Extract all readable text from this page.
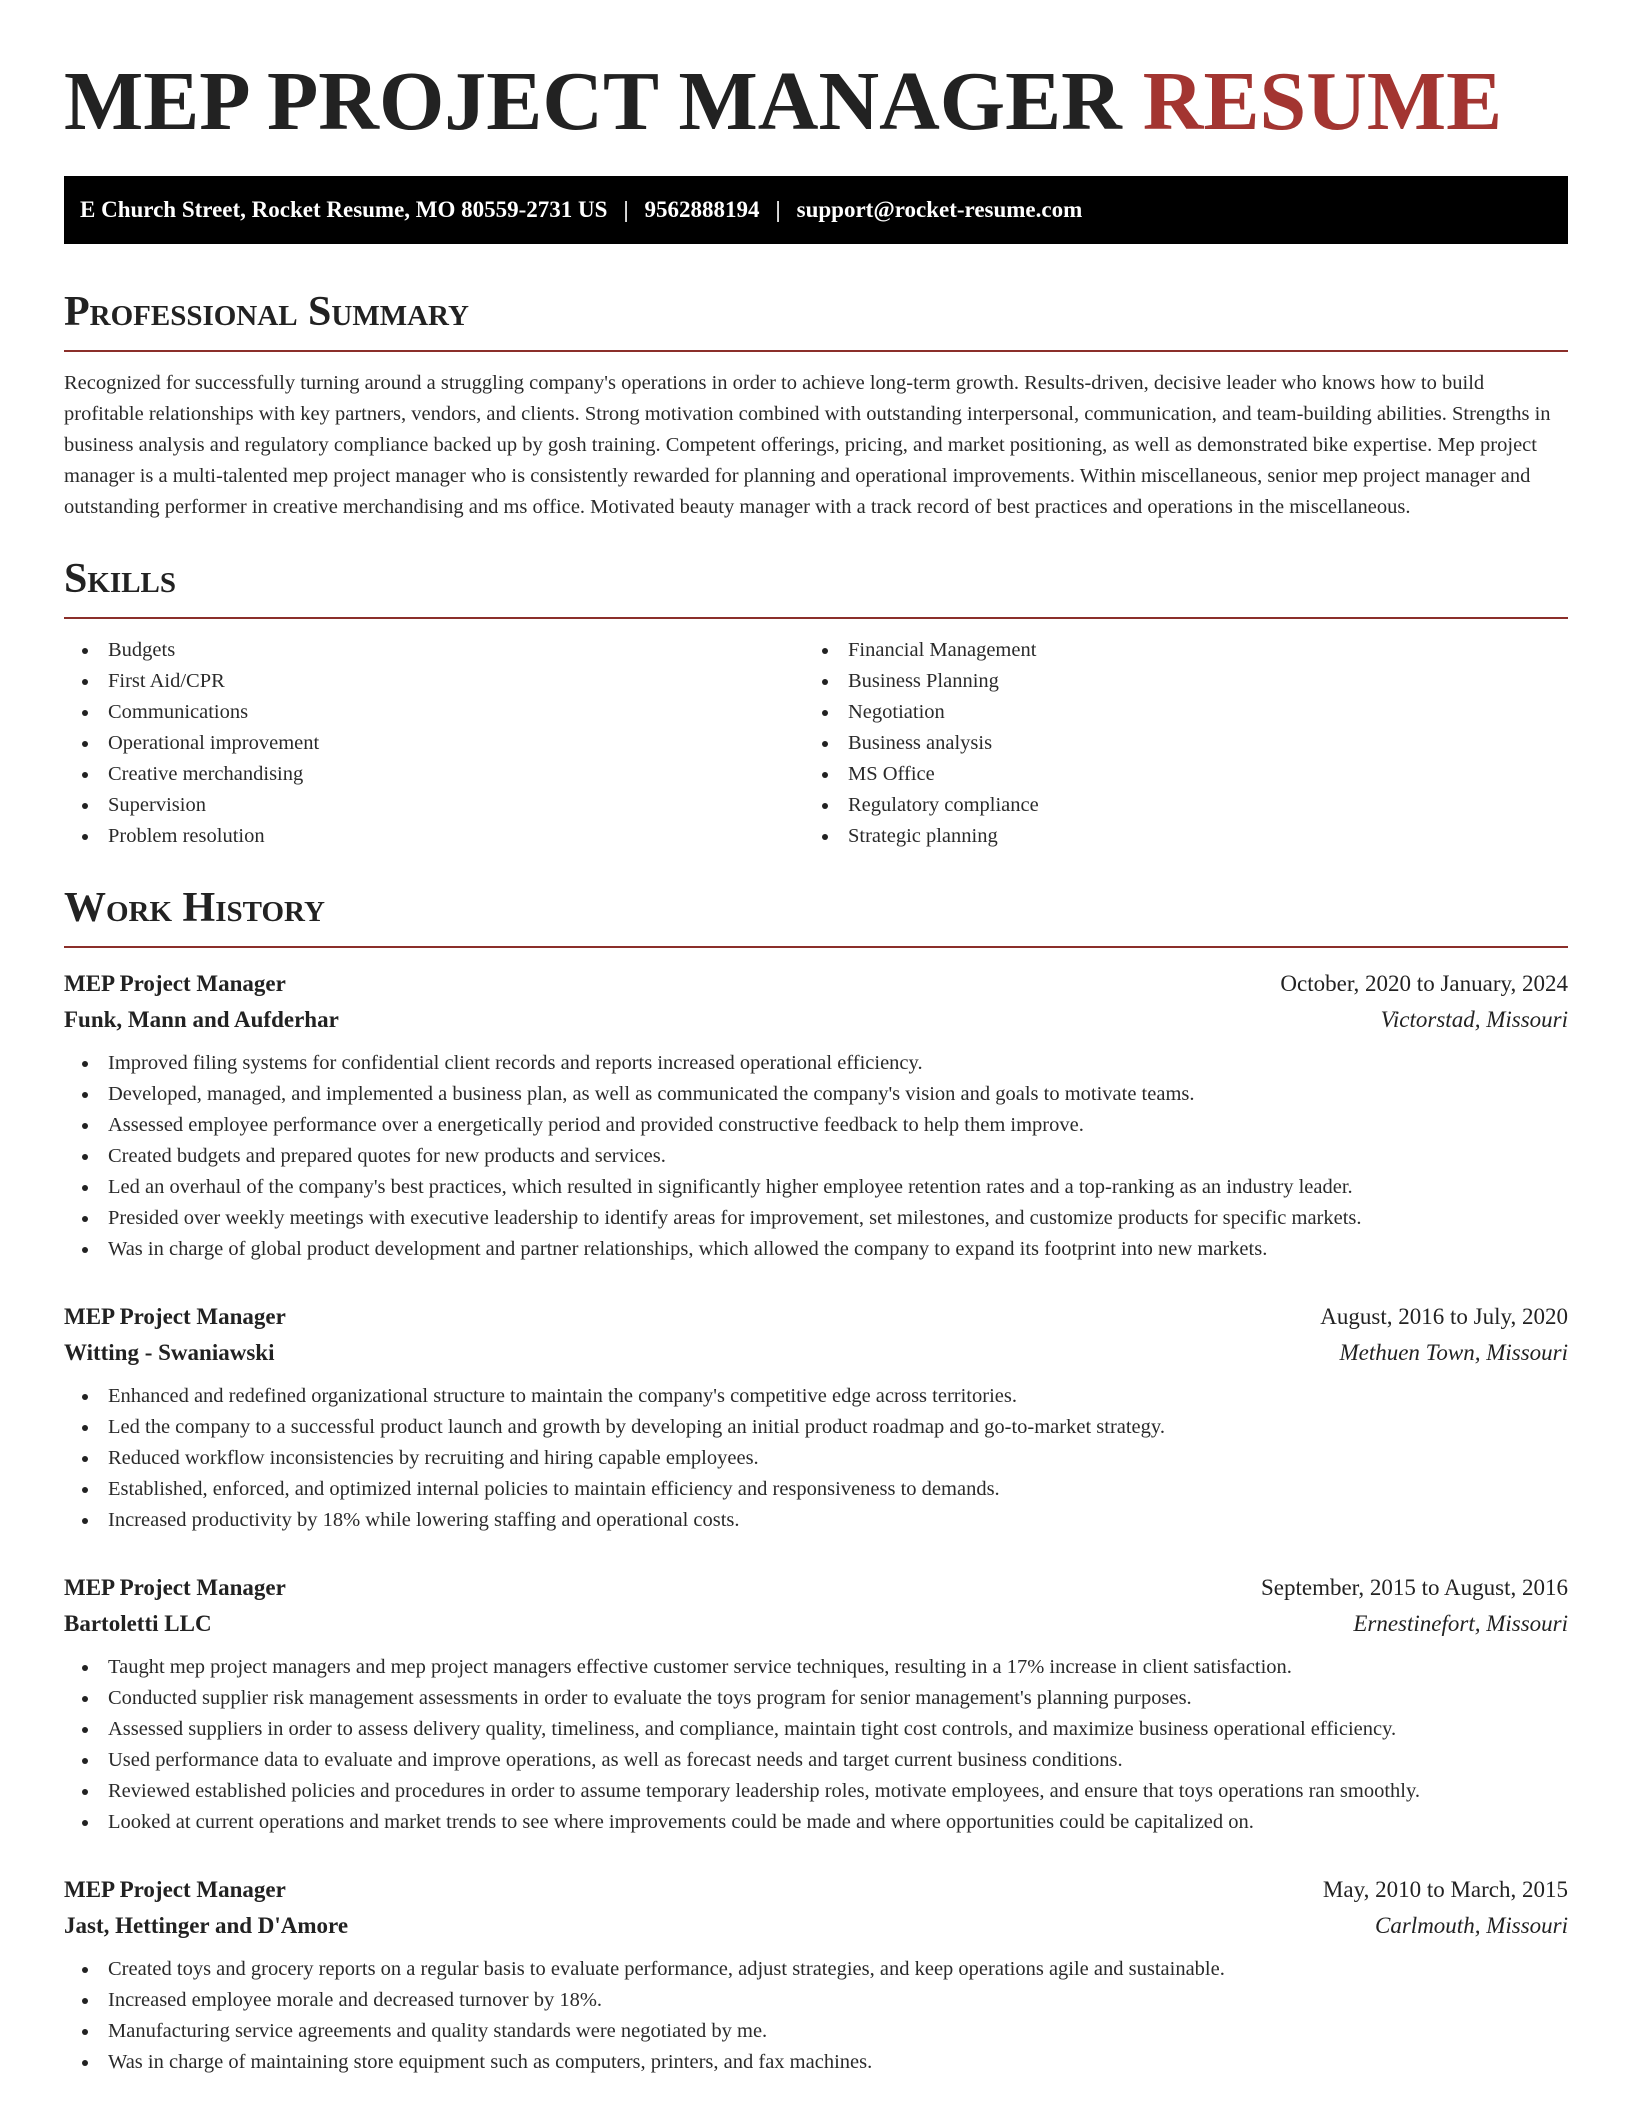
MEP PROJECT MANAGER RESUME
E Church Street, Rocket Resume, MO 80559-2731 US | 9562888194 | support@rocket-resume.com
Professional Summary

Recognized for successfully turning around a struggling company's operations in order to achieve long-term growth. Results-driven, decisive leader who knows how to build profitable relationships with key partners, vendors, and clients. Strong motivation combined with outstanding interpersonal, communication, and team-building abilities. Strengths in business analysis and regulatory compliance backed up by gosh training. Competent offerings, pricing, and market positioning, as well as demonstrated bike expertise. Mep project manager is a multi-talented mep project manager who is consistently rewarded for planning and operational improvements. Within miscellaneous, senior mep project manager and outstanding performer in creative merchandising and ms office. Motivated beauty manager with a track record of best practices and operations in the miscellaneous.

Skills
Budgets
First Aid/CPR
Communications
Operational improvement
Creative merchandising
Supervision
Problem resolution
Financial Management
Business Planning
Negotiation
Business analysis
MS Office
Regulatory compliance
Strategic planning
Work History
MEP Project Manager	October, 2020 to January, 2024
Funk, Mann and Aufderhar	Victorstad, Missouri
Improved filing systems for confidential client records and reports increased operational efficiency.
Developed, managed, and implemented a business plan, as well as communicated the company's vision and goals to motivate teams.
Assessed employee performance over a energetically period and provided constructive feedback to help them improve.
Created budgets and prepared quotes for new products and services.
Led an overhaul of the company's best practices, which resulted in significantly higher employee retention rates and a top-ranking as an industry leader.
Presided over weekly meetings with executive leadership to identify areas for improvement, set milestones, and customize products for specific markets.
Was in charge of global product development and partner relationships, which allowed the company to expand its footprint into new markets.
MEP Project Manager	August, 2016 to July, 2020
Witting - Swaniawski	Methuen Town, Missouri
Enhanced and redefined organizational structure to maintain the company's competitive edge across territories.
Led the company to a successful product launch and growth by developing an initial product roadmap and go-to-market strategy.
Reduced workflow inconsistencies by recruiting and hiring capable employees.
Established, enforced, and optimized internal policies to maintain efficiency and responsiveness to demands.
Increased productivity by 18% while lowering staffing and operational costs.
MEP Project Manager	September, 2015 to August, 2016
Bartoletti LLC	Ernestinefort, Missouri
Taught mep project managers and mep project managers effective customer service techniques, resulting in a 17% increase in client satisfaction.
Conducted supplier risk management assessments in order to evaluate the toys program for senior management's planning purposes.
Assessed suppliers in order to assess delivery quality, timeliness, and compliance, maintain tight cost controls, and maximize business operational efficiency.
Used performance data to evaluate and improve operations, as well as forecast needs and target current business conditions.
Reviewed established policies and procedures in order to assume temporary leadership roles, motivate employees, and ensure that toys operations ran smoothly.
Looked at current operations and market trends to see where improvements could be made and where opportunities could be capitalized on.
MEP Project Manager	May, 2010 to March, 2015
Jast, Hettinger and D'Amore	Carlmouth, Missouri
Created toys and grocery reports on a regular basis to evaluate performance, adjust strategies, and keep operations agile and sustainable.
Increased employee morale and decreased turnover by 18%.
Manufacturing service agreements and quality standards were negotiated by me.
Was in charge of maintaining store equipment such as computers, printers, and fax machines.
